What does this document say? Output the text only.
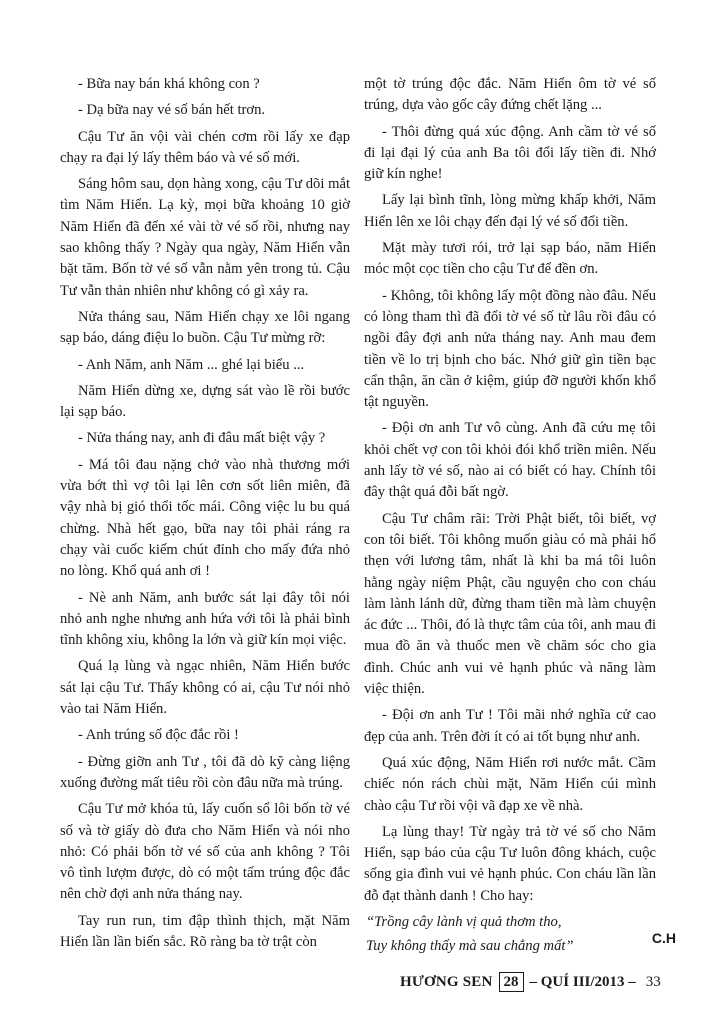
- Bữa nay bán khá không con ?

- Dạ bữa nay vé số bán hết trơn.

Cậu Tư ăn vội vài chén cơm rồi lấy xe đạp chạy ra đại lý lấy thêm báo và vé số mới.

Sáng hôm sau, dọn hàng xong, cậu Tư dõi mắt tìm Năm Hiển. Lạ kỳ, mọi bữa khoảng 10 giờ Năm Hiển đã đến xé vài tờ vé số rồi, nhưng nay sao không thấy ? Ngày qua ngày, Năm Hiển vẫn bặt tăm. Bốn tờ vé số vẫn nằm yên trong tủ. Cậu Tư vẫn thản nhiên như không có gì xảy ra.

Nửa tháng sau, Năm Hiển chạy xe lôi ngang sạp báo, dáng điệu lo buồn. Cậu Tư mừng rỡ:

- Anh Năm, anh Năm ... ghé lại biểu ...

Năm Hiển dừng xe, dựng sát vào lề rồi bước lại sạp báo.

- Nửa tháng nay, anh đi đâu mất biệt vậy ?

- Má tôi đau nặng chở vào nhà thương mới vừa bớt thì vợ tôi lại lên cơn sốt liên miên, đã vậy nhà bị gió thổi tốc mái. Công việc lu bu quá chừng. Nhà hết gạo, bữa nay tôi phải ráng ra chạy vài cuốc kiếm chút đỉnh cho mấy đứa nhỏ no lòng. Khổ quá anh ơi !

- Nè anh Năm, anh bước sát lại đây tôi nói nhỏ anh nghe nhưng anh hứa với tôi là phải bình tĩnh không xỉu, không la lớn và giữ kín mọi việc.

Quá lạ lùng và ngạc nhiên, Năm Hiển bước sát lại cậu Tư. Thấy không có ai, cậu Tư nói nhỏ vào tai Năm Hiển.

- Anh trúng số độc đắc rồi !

- Đừng giỡn anh Tư , tôi đã dò kỹ càng liệng xuống đường mất tiêu rồi còn đâu nữa mà trúng.

Cậu Tư mở khóa tủ, lấy cuốn sổ lôi bốn tờ vé số và tờ giấy dò đưa cho Năm Hiển và nói nho nhỏ: Có phải bốn tờ vé số của anh không ? Tôi vô tình lượm được, dò có một tấm trúng độc đắc nên chờ đợi anh nửa tháng nay.

Tay run run, tim đập thình thịch, mặt Năm Hiển lần lần biến sắc. Rõ ràng ba tờ trật còn

một tờ trúng độc đắc. Năm Hiển ôm tờ vé số trúng, dựa vào gốc cây đứng chết lặng ...

- Thôi đừng quá xúc động. Anh cầm tờ vé số đi lại đại lý của anh Ba tôi đổi lấy tiền đi. Nhớ giữ kín nghe!

Lấy lại bình tĩnh, lòng mừng khấp khởi, Năm Hiển lên xe lôi chạy đến đại lý vé số đổi tiền.

Mặt mày tươi rói, trở lại sạp báo, năm Hiển móc một cọc tiền cho cậu Tư để đền ơn.

- Không, tôi không lấy một đồng nào đâu. Nếu có lòng tham thì đã đổi tờ vé số từ lâu rồi đâu có ngồi đây đợi anh nửa tháng nay. Anh mau đem tiền về lo trị bịnh cho bác. Nhớ giữ gìn tiền bạc cẩn thận, ăn cần ở kiệm, giúp đỡ người khốn khổ tật nguyền.

- Đội ơn anh Tư vô cùng. Anh đã cứu mẹ tôi khỏi chết vợ con tôi khỏi đói khổ triền miên. Nếu anh lấy tờ vé số, nào ai có biết có hay. Chính tôi đây thật quá đỗi bất ngờ.

Cậu Tư châm rãi: Trời Phật biết, tôi biết, vợ con tôi biết. Tôi không muốn giàu có mà phải hổ thẹn với lương tâm, nhất là khi ba má tôi luôn hằng ngày niệm Phật, cầu nguyện cho con cháu làm lành lánh dữ, đừng tham tiền mà làm chuyện ác đức ... Thôi, đó là thực tâm của tôi, anh mau đi mua đồ ăn và thuốc men về chăm sóc cho gia đình. Chúc anh vui vẻ hạnh phúc và năng làm việc thiện.

- Đội ơn anh Tư ! Tôi mãi nhớ nghĩa cử cao đẹp của anh. Trên đời ít có ai tốt bụng như anh.

Quá xúc động, Năm Hiển rơi nước mắt. Cầm chiếc nón rách chùi mặt, Năm Hiển cúi mình chào cậu Tư rồi vội vã đạp xe về nhà.

Lạ lùng thay! Từ ngày trả tờ vé số cho Năm Hiển, sạp báo của cậu Tư luôn đông khách, cuộc sống gia đình vui vẻ hạnh phúc. Con cháu lần lần đỗ đạt thành danh ! Cho hay:

“Trồng cây lành vị quả thơm tho,

Tuy không thấy mà sau chẳng mất”

C.H
HƯƠNG SEN 28 – QUÍ III/2013 – 33
